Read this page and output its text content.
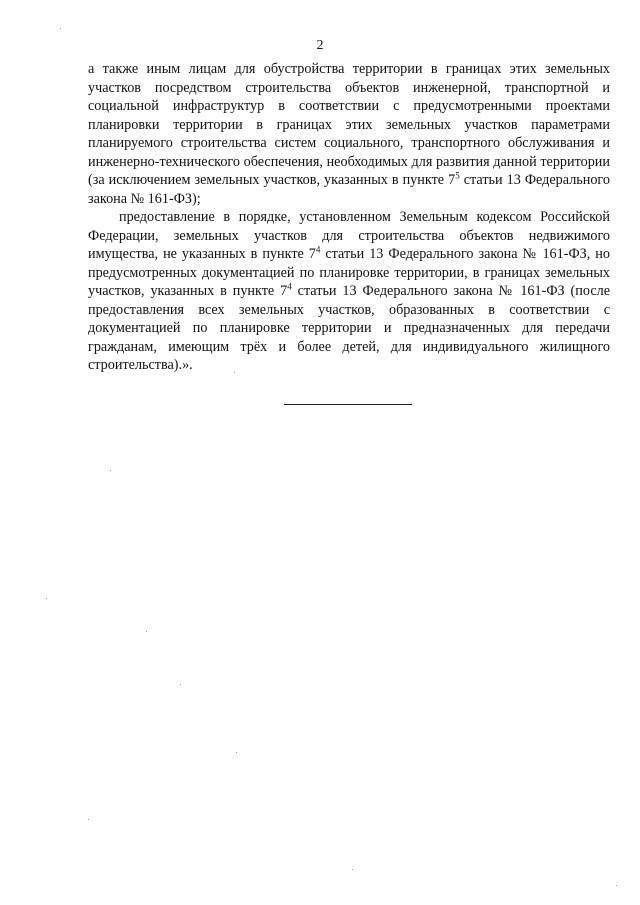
2

а также иным лицам для обустройства территории в границах этих земельных участков посредством строительства объектов инженерной, транспортной и социальной инфраструктур в соответствии с предусмотренными проектами планировки территории в границах этих земельных участков параметрами планируемого строительства систем социального, транспортного обслуживания и инженерно-технического обеспечения, необходимых для развития данной территории (за исключением земельных участков, указанных в пункте $7^5$ статьи 13 Федерального закона № 161-ФЗ);

предоставление в порядке, установленном Земельным кодексом Российской Федерации, земельных участков для строительства объектов недвижимого имущества, не указанных в пункте $7^4$ статьи 13 Федерального закона № 161-ФЗ, но предусмотренных документацией по планировке территории, в границах земельных участков, указанных в пункте $7^4$ статьи 13 Федерального закона № 161-ФЗ (после предоставления всех земельных участков, образованных в соответствии с документацией по планировке территории и предназначенных для передачи гражданам, имеющим трёх и более детей, для индивидуального жилищного строительства).».
